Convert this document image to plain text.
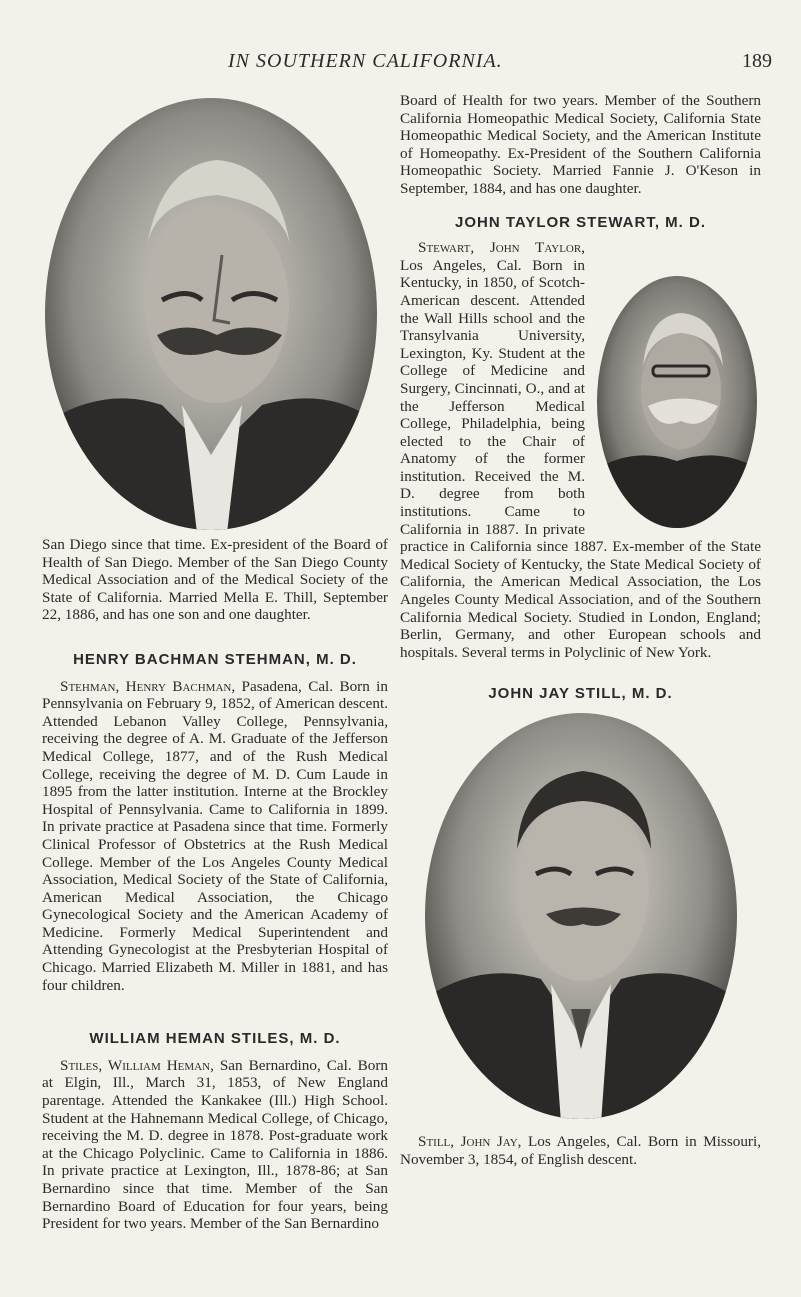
IN SOUTHERN CALIFORNIA.	189

San Diego since that time. Ex-president of the Board of Health of San Diego. Member of the San Diego County Medical Association and of the Medical Society of the State of California. Married Mella E. Thill, September 22, 1886, and has one son and one daughter.

HENRY BACHMAN STEHMAN, M. D.

Stehman, Henry Bachman, Pasadena, Cal. Born in Pennsylvania on February 9, 1852, of American descent. Attended Lebanon Valley College, Pennsylvania, receiving the degree of A. M. Graduate of the Jefferson Medical College, 1877, and of the Rush Medical College, receiving the degree of M. D. Cum Laude in 1895 from the latter institution. Interne at the Brockley Hospital of Pennsylvania. Came to California in 1899. In private practice at Pasadena since that time. Formerly Clinical Professor of Obstetrics at the Rush Medical College. Member of the Los Angeles County Medical Association, Medical Society of the State of California, American Medical Association, the Chicago Gynecological Society and the American Academy of Medicine. Formerly Medical Superintendent and Attending Gynecologist at the Presbyterian Hospital of Chicago. Married Elizabeth M. Miller in 1881, and has four children.

WILLIAM HEMAN STILES, M. D.

Stiles, William Heman, San Bernardino, Cal. Born at Elgin, Ill., March 31, 1853, of New England parentage. Attended the Kankakee (Ill.) High School. Student at the Hahnemann Medical College, of Chicago, receiving the M. D. degree in 1878. Post-graduate work at the Chicago Polyclinic. Came to California in 1886. In private practice at Lexington, Ill., 1878-86; at San Bernardino since that time. Member of the San Bernardino Board of Education for four years, being President for two years. Member of the San Bernardino

Board of Health for two years. Member of the Southern California Homeopathic Medical Society, California State Homeopathic Medical Society, and the American Institute of Homeopathy. Ex-President of the Southern California Homeopathic Society. Married Fannie J. O'Keson in September, 1884, and has one daughter.

JOHN TAYLOR STEWART, M. D.

Stewart, John Taylor, Los Angeles, Cal. Born in Kentucky, in 1850, of Scotch-American descent. Attended the Wall Hills school and the Transylvania University, Lexington, Ky. Student at the College of Medicine and Surgery, Cincinnati, O., and at the Jefferson Medical College, Philadelphia, being elected to the Chair of Anatomy of the former institution. Received the M. D. degree from both institutions. Came to California in 1887. In private practice in California since 1887. Ex-member of the State Medical Society of Kentucky, the State Medical Society of California, the American Medical Association, the Los Angeles County Medical Association, and of the Southern California Medical Society. Studied in London, England; Berlin, Germany, and other European schools and hospitals. Several terms in Polyclinic of New York.

JOHN JAY STILL, M. D.

Still, John Jay, Los Angeles, Cal. Born in Missouri, November 3, 1854, of English descent.
